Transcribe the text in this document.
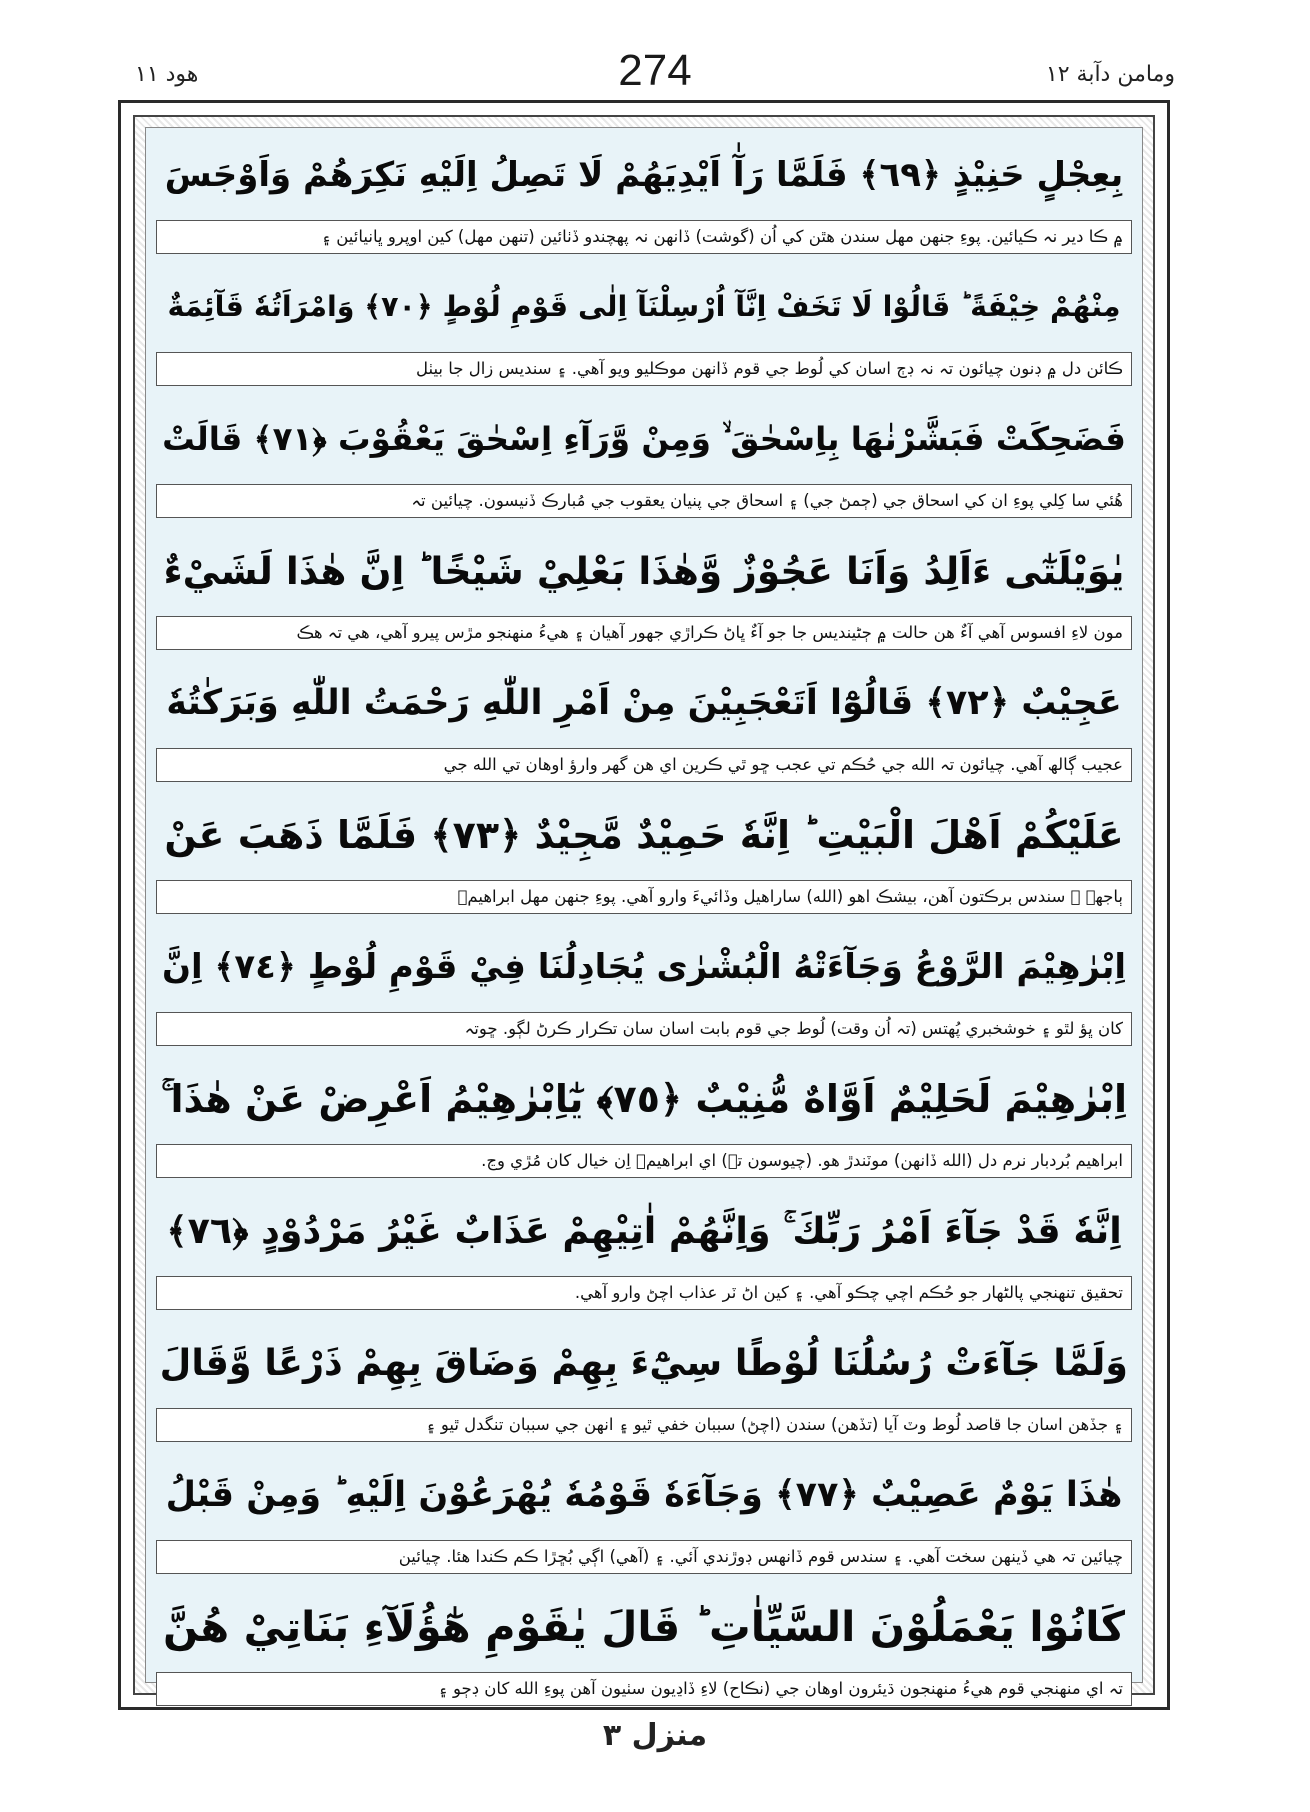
هود ١١	274	ومامن دآبة ١٢
بِعِجْلٍ حَنِيْذٍ ﴿٦٩﴾ فَلَمَّا رَآٰ اَيْدِيَهُمْ لَا تَصِلُ اِلَيْهِ نَكِرَهُمْ وَاَوْجَسَ
۾ ڪا دير نہ ڪيائين. پوءِ جنهن مهل سندن هٿن کي اُن (گوشت) ڏانهن نہ پهچندو ڏٺائين (تنهن مهل) کين اوپرو ڀانيائين ۽
مِنْهُمْ خِيْفَةً ؕ قَالُوْا لَا تَخَفْ اِنَّآ اُرْسِلْنَآ اِلٰى قَوْمِ لُوْطٍ ﴿٧٠﴾ وَامْرَاَتُهٗ قَآئِمَةٌ
ڪائن دل ۾ ڊنون چيائون تہ نہ ڊڄ اسان کي لُوط جي قوم ڏانهن موڪليو ويو آهي. ۽ سنديس زال جا بيٺل
فَضَحِكَتْ فَبَشَّرْنٰهَا بِاِسْحٰقَ ۙ وَمِنْ وَّرَآءِ اِسْحٰقَ يَعْقُوْبَ ﴿٧١﴾ قَالَتْ
هُئي سا کِلي پوءِ ان کي اسحاق جي (ڄمڻ جي) ۽ اسحاق جي پنيان يعقوب جي مُبارڪ ڏنيسون. چيائين تہ
يٰوَيْلَتٰٓى ءَاَلِدُ وَاَنَا عَجُوْزٌ وَّهٰذَا بَعْلِيْ شَيْخًا ؕ اِنَّ هٰذَا لَشَيْءٌ
مون لاءِ افسوس آهي آءٌ هن حالت ۾ ڄڻينديس جا جو آءٌ ڀاڻ ڪراڙي جهور آهيان ۽ هيءُ منهنجو مڙس پيرو آهي، هي تہ هڪ
عَجِيْبٌ ﴿٧٢﴾ قَالُوْٓا اَتَعْجَبِيْنَ مِنْ اَمْرِ اللّٰهِ رَحْمَتُ اللّٰهِ وَبَرَكٰتُهٗ
عجيب ڳالھ آهي. چيائون تہ الله جي حُڪم تي عجب ڇو ٿي ڪرين اي هن گهر وارؤ اوهان تي الله جي
عَلَيْكُمْ اَهْلَ الْبَيْتِ ؕ اِنَّهٗ حَمِيْدٌ مَّجِيْدٌ ﴿٧٣﴾ فَلَمَّا ذَهَبَ عَنْ
ٻاجهہ ۽ سندس برڪتون آهن، بيشڪ اهو (الله) ساراهيل وڏائيءَ وارو آهي. پوءِ جنهن مهل ابراهيمؑ
اِبْرٰهِيْمَ الرَّوْعُ وَجَآءَتْهُ الْبُشْرٰى يُجَادِلُنَا فِيْ قَوْمِ لُوْطٍ ﴿٧٤﴾ اِنَّ
کان ڀؤ لٿو ۽ خوشخبري پُهتس (تہ اُن وقت) لُوط جي قوم بابت اسان سان تڪرار ڪرڻ لڳو. ڇوتہ
اِبْرٰهِيْمَ لَحَلِيْمٌ اَوَّاهٌ مُّنِيْبٌ ﴿٧٥﴾ يٰٓاِبْرٰهِيْمُ اَعْرِضْ عَنْ هٰذَا ۚ
ابراهيم بُردبار نرم دل (الله ڏانهن) موٽندڙ هو. (چيوسون تہ) اي ابراهيمؑ اِن خيال کان مُڙي وڃ.
اِنَّهٗ قَدْ جَآءَ اَمْرُ رَبِّكَ ۚ وَاِنَّهُمْ اٰتِيْهِمْ عَذَابٌ غَيْرُ مَرْدُوْدٍ ﴿٧٦﴾
تحقيق تنهنجي پالڻهار جو حُڪم اچي چڪو آهي. ۽ کين اڻ ٽر عذاب اچڻ وارو آهي.
وَلَمَّا جَآءَتْ رُسُلُنَا لُوْطًا سِيْٓءَ بِهِمْ وَضَاقَ بِهِمْ ذَرْعًا وَّقَالَ
۽ جڏهن اسان جا قاصد لُوط وٽ آيا (تڏهن) سندن (اچڻ) سببان خفي ٿيو ۽ انهن جي سببان تنگدل ٿيو ۽
هٰذَا يَوْمٌ عَصِيْبٌ ﴿٧٧﴾ وَجَآءَهٗ قَوْمُهٗ يُهْرَعُوْنَ اِلَيْهِ ؕ وَمِنْ قَبْلُ
چيائين تہ هي ڏينهن سخت آهي. ۽ سندس قوم ڏانهس ڊوڙندي آئي. ۽ (آهي) اڳي بُڇڙا ڪم ڪندا هئا. چيائين
كَانُوْا يَعْمَلُوْنَ السَّيِّاٰتِ ؕ قَالَ يٰقَوْمِ هٰٓؤُلَآءِ بَنَاتِيْ هُنَّ
تہ اي منهنجي قوم هيءُ منهنجون ڌيئرون اوهان جي (نڪاح) لاءِ ڏاڍيون سٺيون آهن پوءِ الله کان ڊڄو ۽
منزل ٣
